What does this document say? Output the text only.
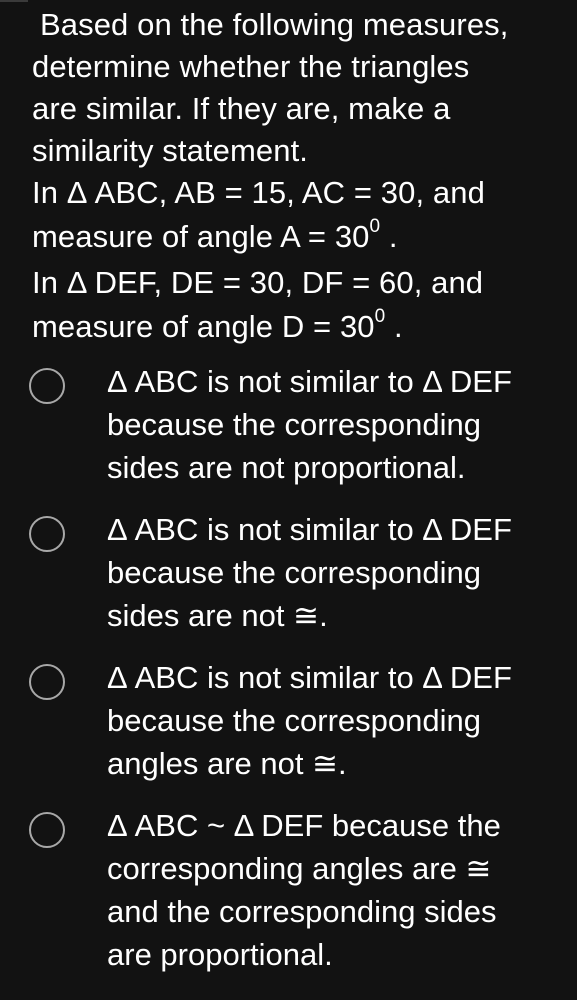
Based on the following measures,
determine whether the triangles
are similar. If they are, make a
similarity statement.
In Δ ABC, AB = 15, AC = 30, and
measure of angle $A = 30^0$ .
In Δ DEF, DE = 30, DF = 60, and
measure of angle $D = 30^0$ .
Δ ABC is not similar to Δ DEF
because the corresponding
sides are not proportional.
Δ ABC is not similar to Δ DEF
because the corresponding
sides are not ≅.
Δ ABC is not similar to Δ DEF
because the corresponding
angles are not ≅.
Δ ABC ~ Δ DEF because the
corresponding angles are ≅
and the corresponding sides
are proportional.
